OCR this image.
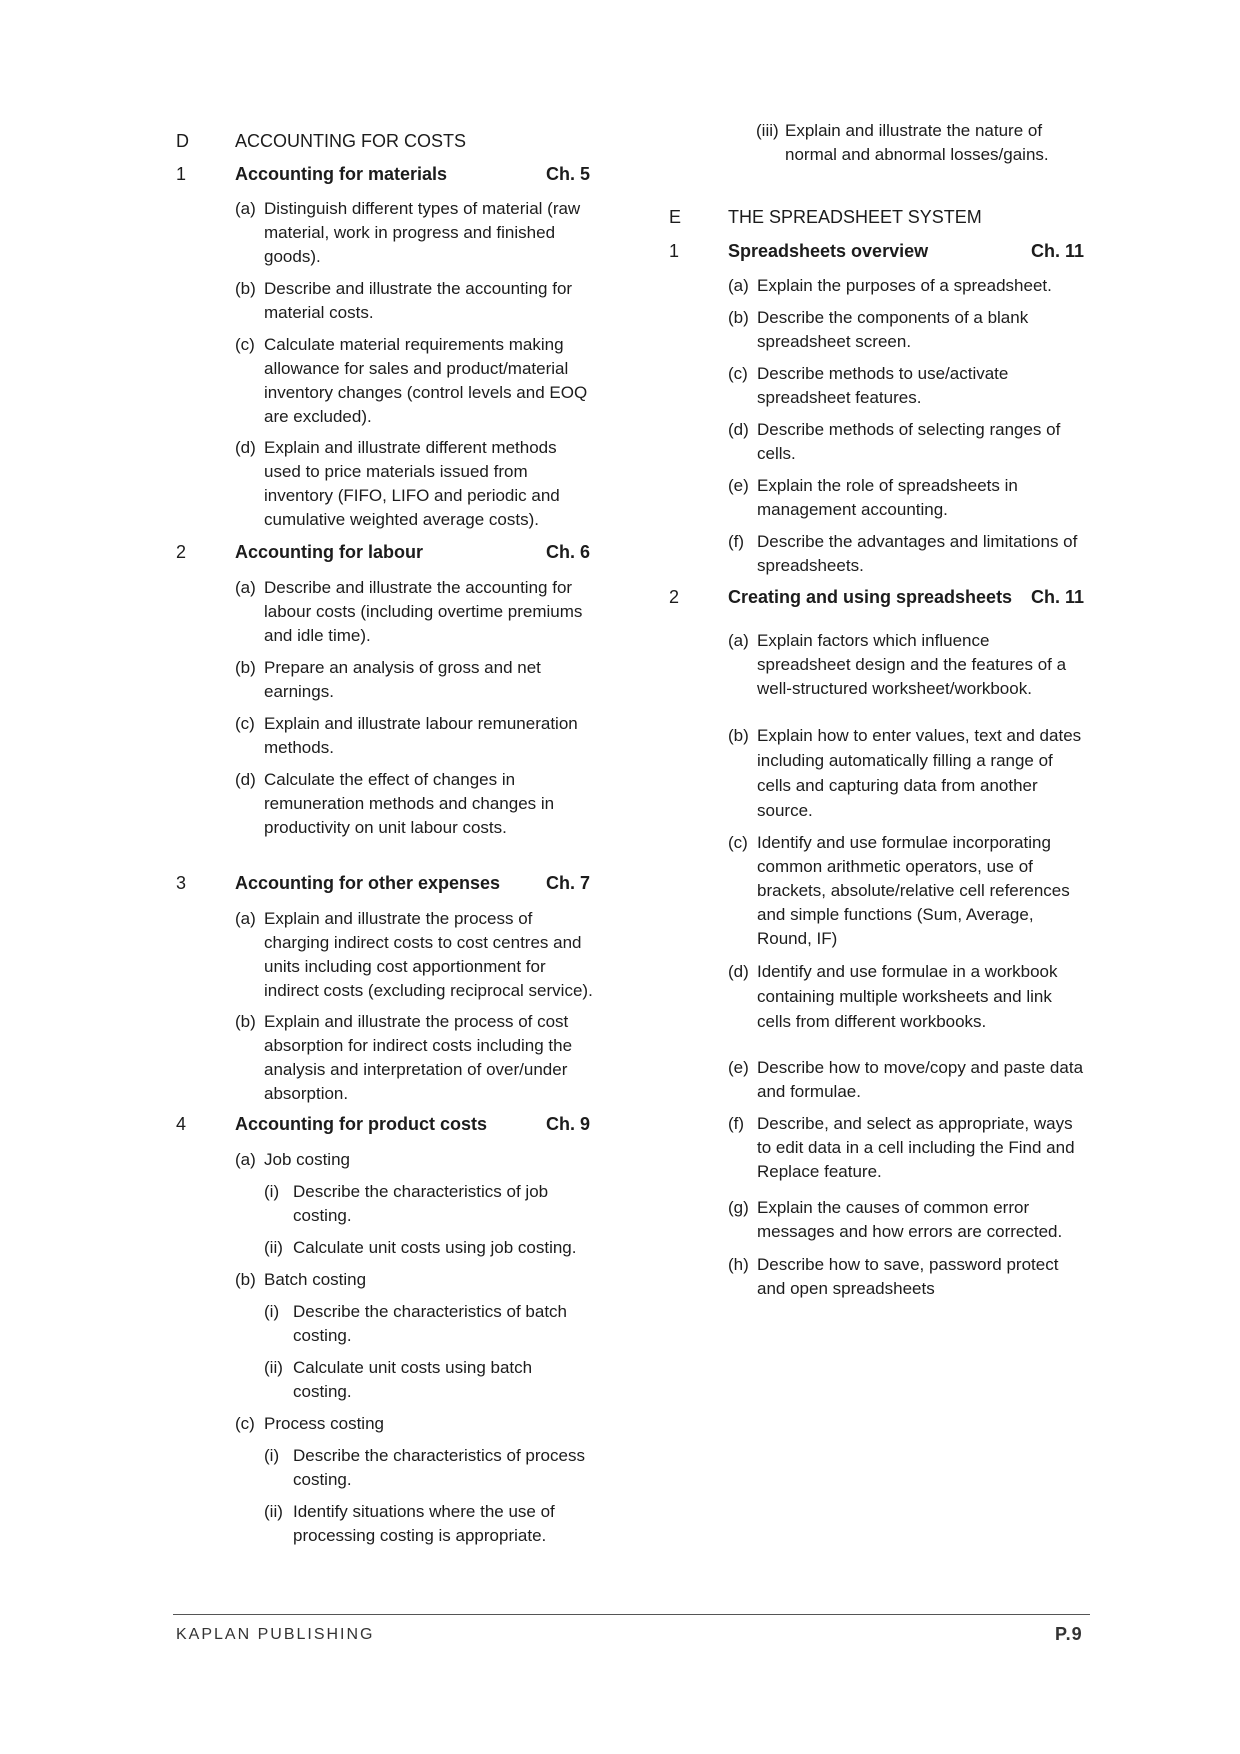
D	ACCOUNTING FOR COSTS
1	Accounting for materials	Ch. 5
(a) Distinguish different types of material (raw material, work in progress and finished goods).
(b) Describe and illustrate the accounting for material costs.
(c) Calculate material requirements making allowance for sales and product/material inventory changes (control levels and EOQ are excluded).
(d) Explain and illustrate different methods used to price materials issued from inventory (FIFO, LIFO and periodic and cumulative weighted average costs).
2	Accounting for labour	Ch. 6
(a) Describe and illustrate the accounting for labour costs (including overtime premiums and idle time).
(b) Prepare an analysis of gross and net earnings.
(c) Explain and illustrate labour remuneration methods.
(d) Calculate the effect of changes in remuneration methods and changes in productivity on unit labour costs.
3	Accounting for other expenses	Ch. 7
(a) Explain and illustrate the process of charging indirect costs to cost centres and units including cost apportionment for indirect costs (excluding reciprocal service).
(b) Explain and illustrate the process of cost absorption for indirect costs including the analysis and interpretation of over/under absorption.
4	Accounting for product costs	Ch. 9
(a) Job costing
(i) Describe the characteristics of job costing.
(ii) Calculate unit costs using job costing.
(b) Batch costing
(i) Describe the characteristics of batch costing.
(ii) Calculate unit costs using batch costing.
(c) Process costing
(i) Describe the characteristics of process costing.
(ii) Identify situations where the use of processing costing is appropriate.
(iii) Explain and illustrate the nature of normal and abnormal losses/gains.
E	THE SPREADSHEET SYSTEM
1	Spreadsheets overview	Ch. 11
(a) Explain the purposes of a spreadsheet.
(b) Describe the components of a blank spreadsheet screen.
(c) Describe methods to use/activate spreadsheet features.
(d) Describe methods of selecting ranges of cells.
(e) Explain the role of spreadsheets in management accounting.
(f) Describe the advantages and limitations of spreadsheets.
2	Creating and using spreadsheets Ch. 11
(a) Explain factors which influence spreadsheet design and the features of a well-structured worksheet/workbook.
(b) Explain how to enter values, text and dates including automatically filling a range of cells and capturing data from another source.
(c) Identify and use formulae incorporating common arithmetic operators, use of brackets, absolute/relative cell references and simple functions (Sum, Average, Round, IF)
(d) Identify and use formulae in a workbook containing multiple worksheets and link cells from different workbooks.
(e) Describe how to move/copy and paste data and formulae.
(f) Describe, and select as appropriate, ways to edit data in a cell including the Find and Replace feature.
(g) Explain the causes of common error messages and how errors are corrected.
(h) Describe how to save, password protect and open spreadsheets
KAPLAN PUBLISHING	P.9
